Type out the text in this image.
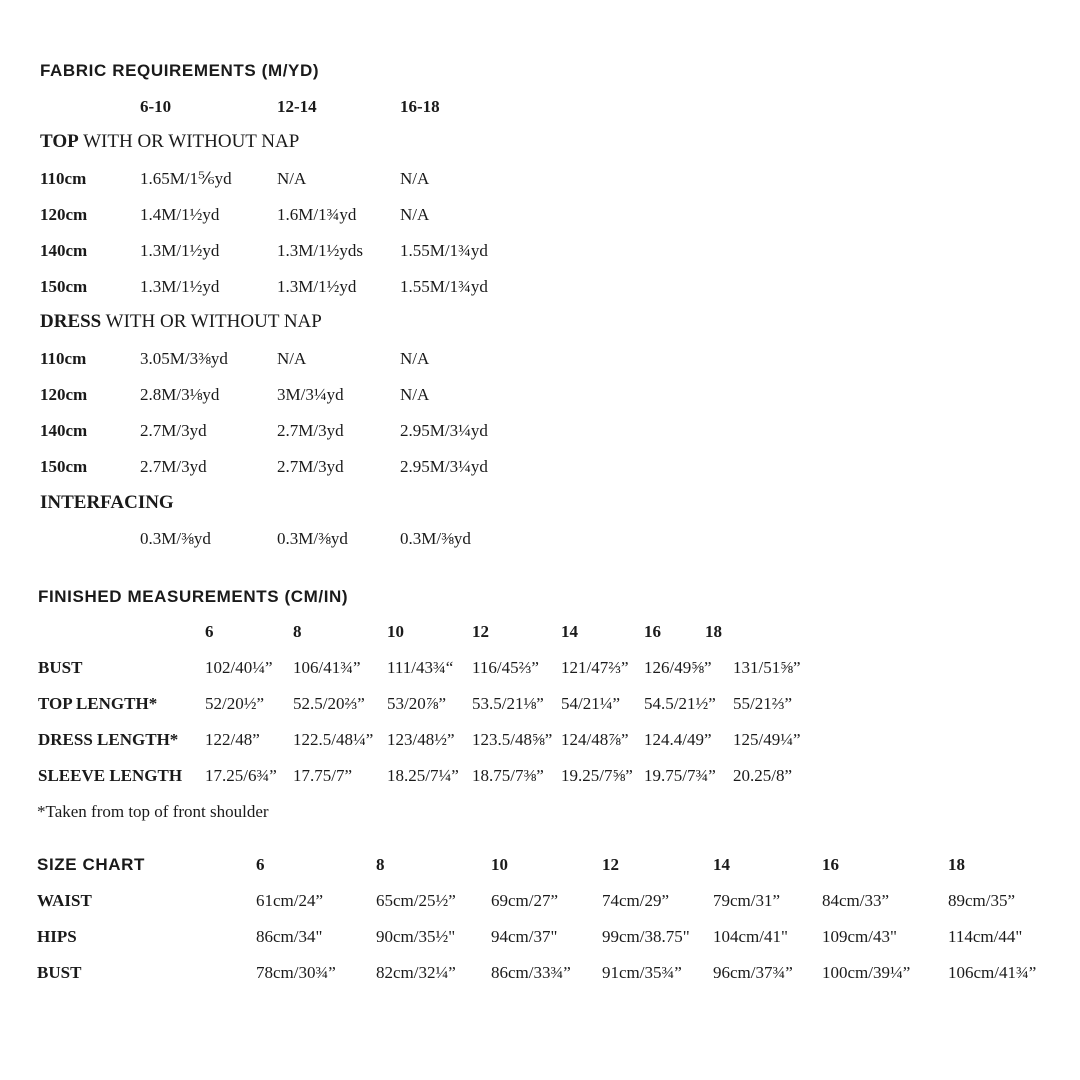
FABRIC REQUIREMENTS (M/YD)
6-10	12-14	16-18
TOP WITH OR WITHOUT NAP
110cm	1.65M/1⅚yd	N/A	N/A
120cm	1.4M/1½yd	1.6M/1¾yd	N/A
140cm	1.3M/1½yd	1.3M/1½yds 1.55M/1¾yd
150cm	1.3M/1½yd	1.3M/1½yd	1.55M/1¾yd
DRESS WITH OR WITHOUT NAP
110cm	3.05M/3⅜yd	N/A	N/A
120cm	2.8M/3⅛yd	3M/3¼yd	N/A
140cm	2.7M/3yd	2.7M/3yd	2.95M/3¼yd
150cm	2.7M/3yd	2.7M/3yd	2.95M/3¼yd
INTERFACING
0.3M/⅜yd	0.3M/⅜yd	0.3M/⅜yd
FINISHED MEASUREMENTS (CM/IN)
6	8	10	12	14	16	18
BUST	102/40¼” 106/41¾” 111/43¾“ 116/45⅔” 121/47⅔” 126/49⅝” 131/51⅝”
TOP LENGTH*	52/20½” 52.5/20⅔” 53/20⅞” 53.5/21⅛” 54/21¼” 54.5/21½” 55/21⅔”
DRESS LENGTH* 122/48” 122.5/48¼” 123/48½” 123.5/48⅝” 124/48⅞” 124.4/49” 125/49¼”
SLEEVE LENGTH 17.25/6¾” 17.75/7” 18.25/7¼” 18.75/7⅜” 19.25/7⅝” 19.75/7¾” 20.25/8”
*Taken from top of front shoulder
SIZE CHART	6	8	10	12	14	16	18
WAIST	61cm/24”	65cm/25½” 69cm/27”	74cm/29”	79cm/31” 84cm/33”	89cm/35”
HIPS	86cm/34"	90cm/35½" 94cm/37"	99cm/38.75" 104cm/41" 109cm/43"	114cm/44"
BUST	78cm/30¾” 82cm/32¼” 86cm/33¾” 91cm/35¾” 96cm/37¾” 100cm/39¼” 106cm/41¾”
